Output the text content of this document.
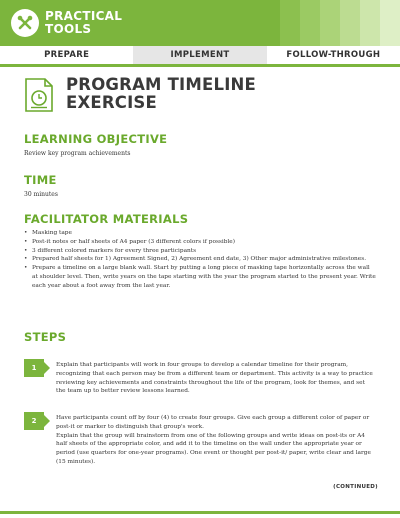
PRACTICAL
TOOLS
PREPARE	IMPLEMENT	FOLLOW-THROUGH
PROGRAM TIMELINE
EXERCISE
LEARNING OBJECTIVE
Review key program achievements
TIME
30 minutes
FACILITATOR MATERIALS
• Masking tape
• Post-it notes or half sheets of A4 paper (3 different colors if possible)
• 3 different colored markers for every three participants
• Prepared half sheets for 1) Agreement Signed, 2) Agreement end date, 3) Other major administrative milestones.
• Prepare a timeline on a large blank wall. Start by putting a long piece of masking tape horizontally across the wall at shoulder level. Then, write years on the tape starting with the year the program started to the present year. Write each year about a foot away from the last year.
STEPS
1	Explain that participants will work in four groups to develop a calendar timeline for their program, recognizing that each person may be from a different team or department. This activity is a way to practice reviewing key achievements and constraints throughout the life of the program, look for themes, and set the team up to better review lessons learned.
2	Have participants count off by four (4) to create four groups. Give each group a different color of paper or post-it or marker to distinguish that group's work.
Explain that the group will brainstorm from one of the following groups and write ideas on post-its or A4 half sheets of the appropriate color, and add it to the timeline on the wall under the appropriate year or period (use quarters for one-year programs). One event or thought per post-it/ paper, write clear and large (15 minutes).
(CONTINUED)
